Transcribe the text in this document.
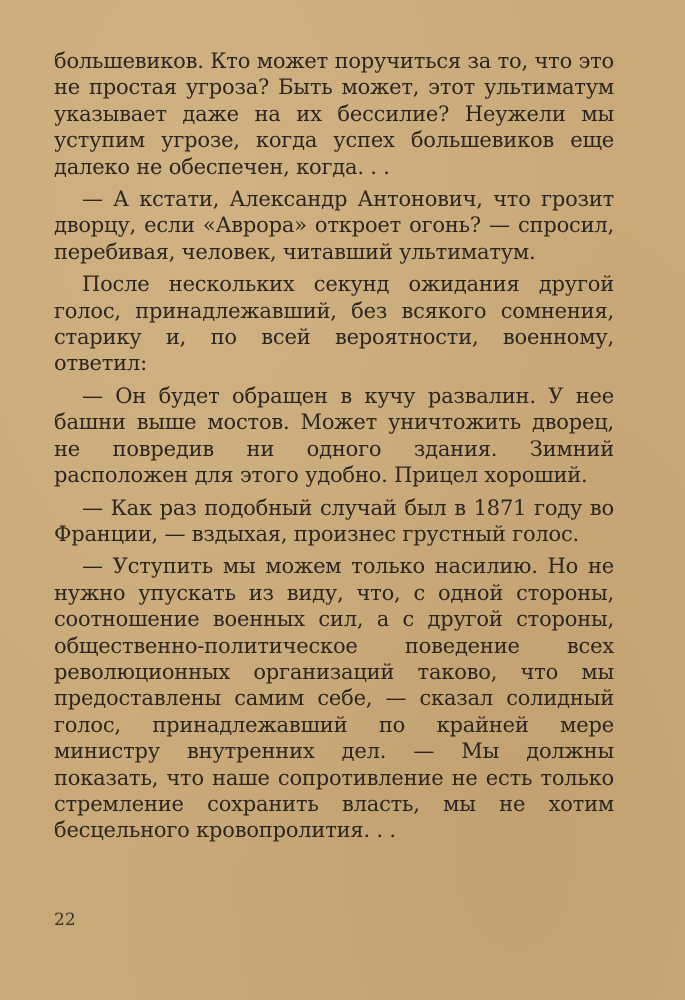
большевиков. Кто может поручиться за то, что это не простая угроза? Быть может, этот ультиматум указывает даже на их бессилие? Неужели мы уступим угрозе, когда успех большевиков еще далеко не обеспечен, когда. . .

— А кстати, Александр Антонович, что грозит дворцу, если «Аврора» откроет огонь? — спросил, перебивая, человек, читавший ультиматум.

После нескольких секунд ожидания другой голос, принадлежавший, без всякого сомнения, старику и, по всей вероятности, военному, ответил:

— Он будет обращен в кучу развалин. У нее башни выше мостов. Может уничтожить дворец, не повредив ни одного здания. Зимний расположен для этого удобно. Прицел хороший.

— Как раз подобный случай был в 1871 году во Франции, — вздыхая, произнес грустный голос.

— Уступить мы можем только насилию. Но не нужно упускать из виду, что, с одной стороны, соотношение военных сил, а с другой стороны, общественно-политическое поведение всех революционных организаций таково, что мы предоставлены самим себе, — сказал солидный голос, принадлежавший по крайней мере министру внутренних дел. — Мы должны показать, что наше сопротивление не есть только стремление сохранить власть, мы не хотим бесцельного кровопролития. . .

22
